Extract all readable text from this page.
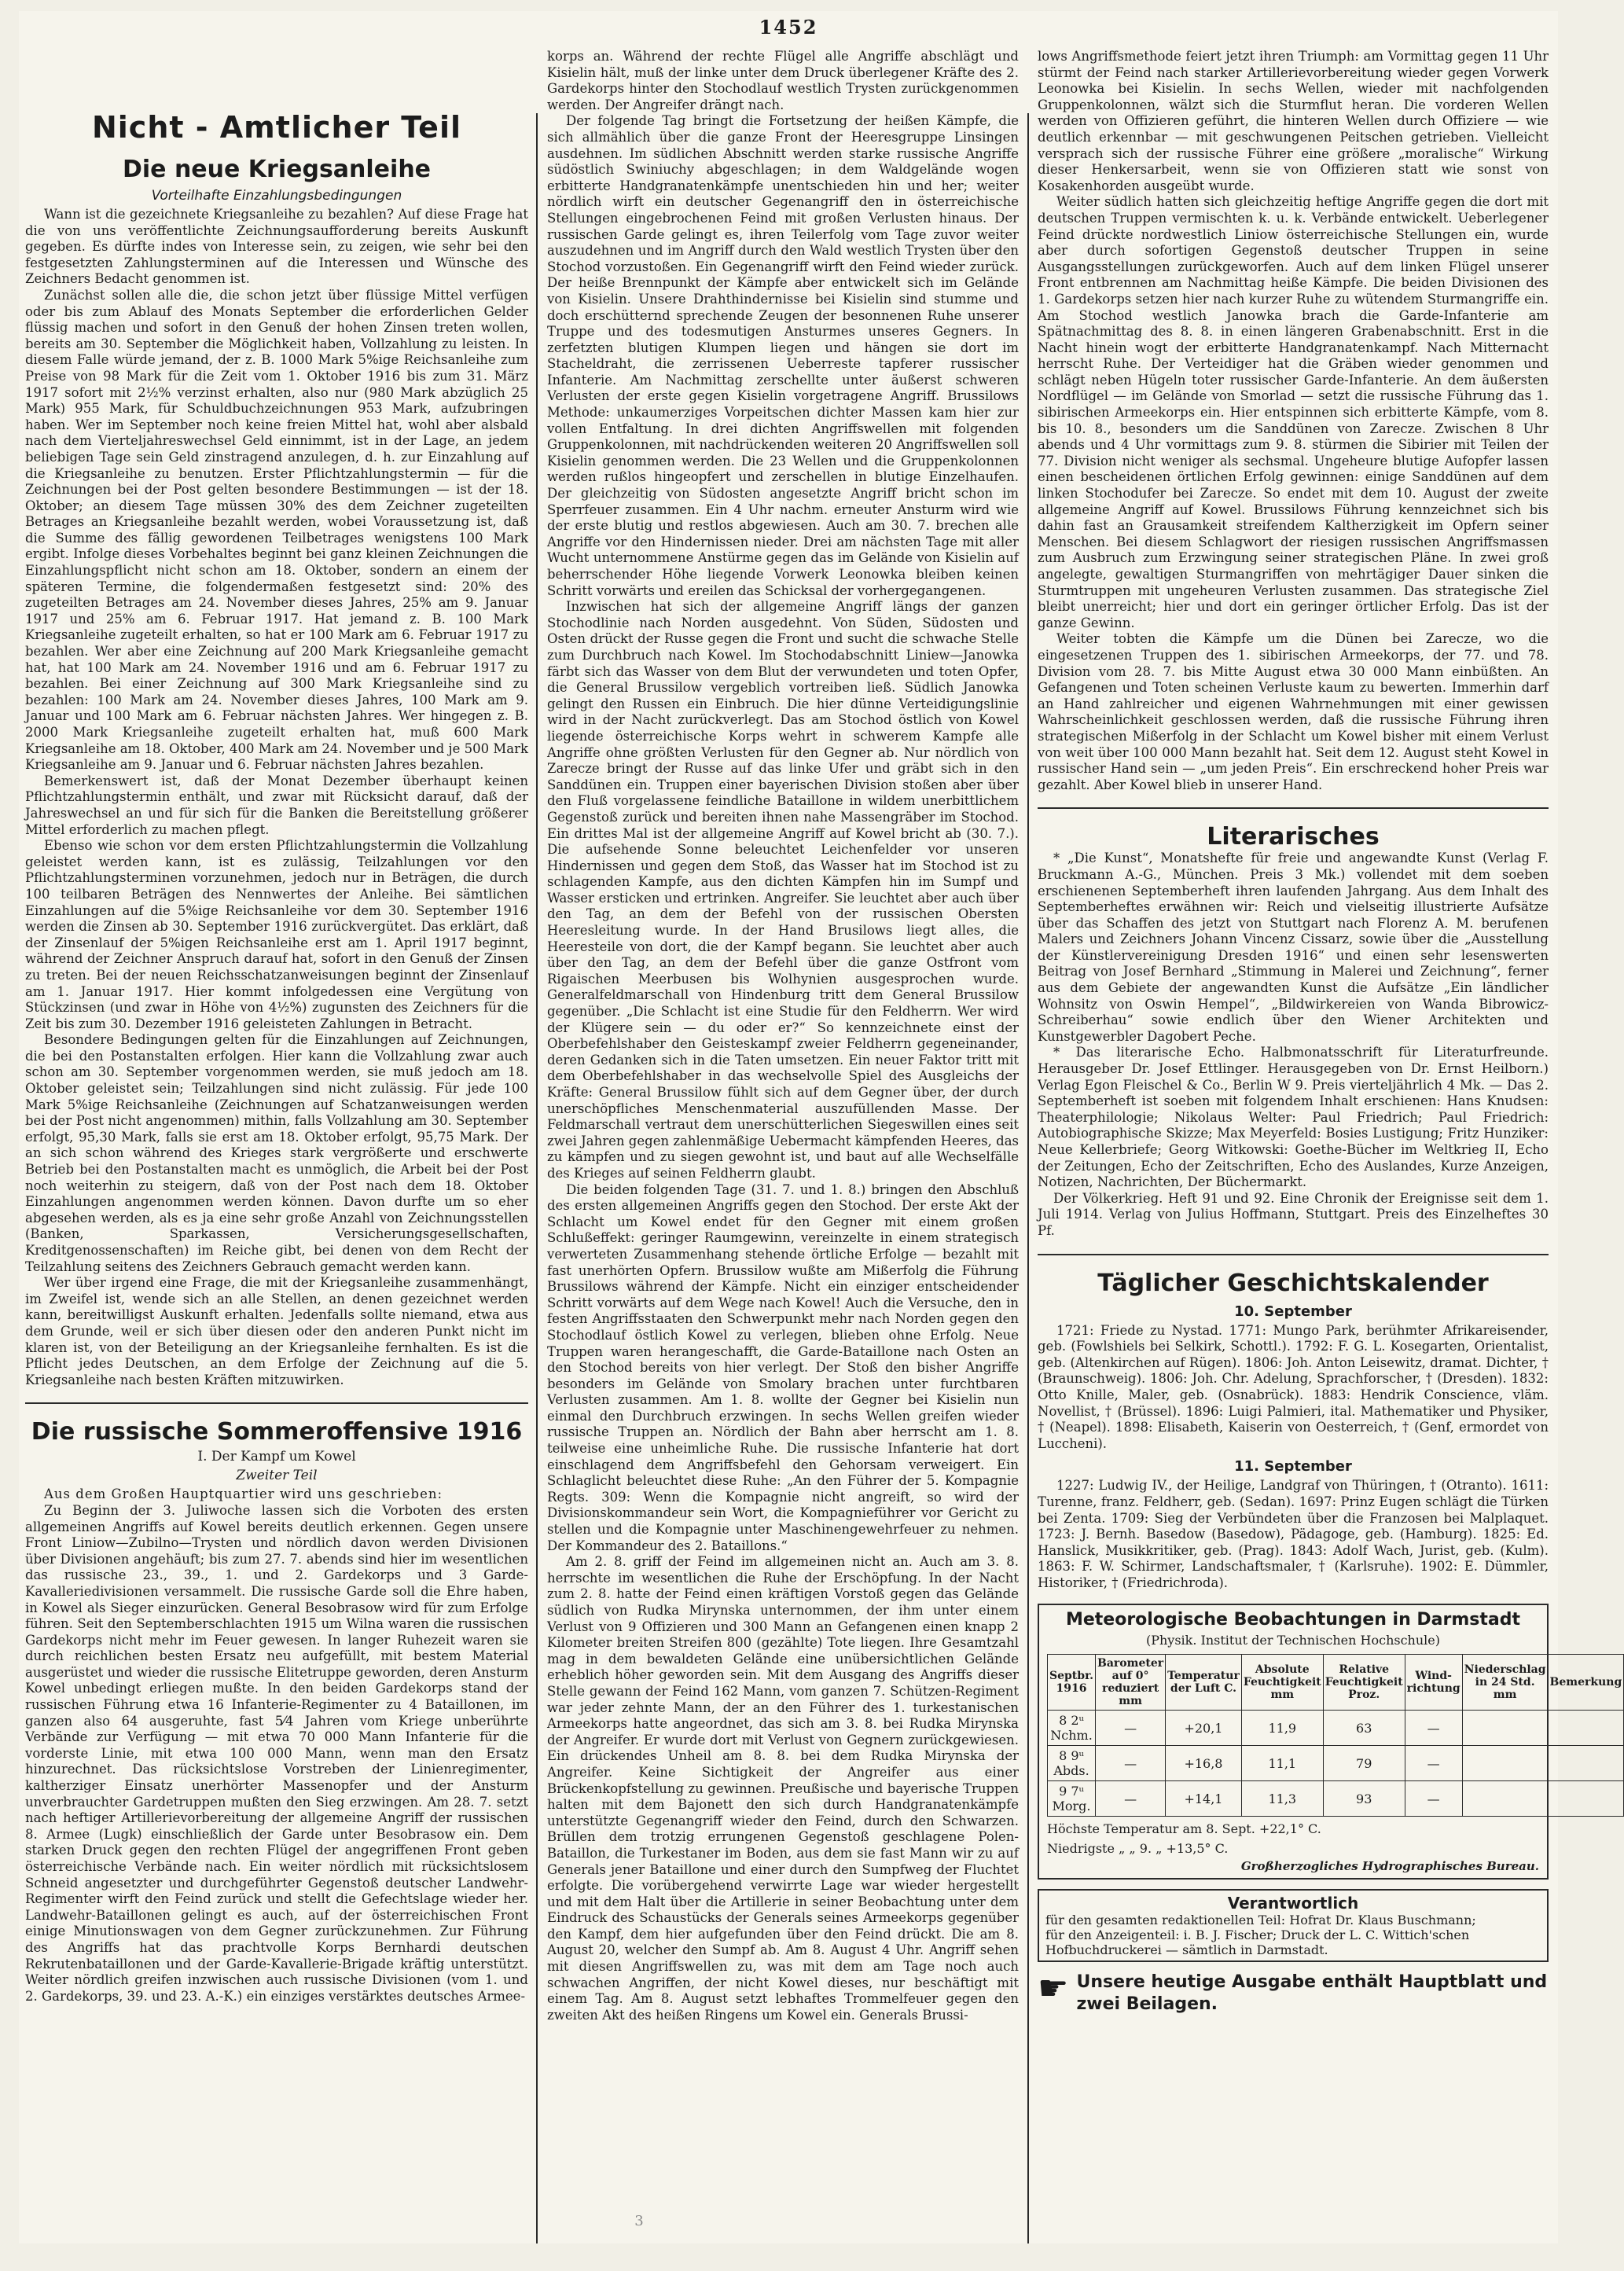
1452
Nicht - Amtlicher Teil
Die neue Kriegsanleihe
Vorteilhafte Einzahlungsbedingungen

Wann ist die gezeichnete Kriegsanleihe zu bezahlen? Auf diese Frage hat die von uns veröffentlichte Zeichnungsaufforderung bereits Auskunft gegeben. Es dürfte indes von Interesse sein, zu zeigen, wie sehr bei den festgesetzten Zahlungsterminen auf die Interessen und Wünsche des Zeichners Bedacht genommen ist.

Zunächst sollen alle die, die schon jetzt über flüssige Mittel verfügen oder bis zum Ablauf des Monats September die erforderlichen Gelder flüssig machen und sofort in den Genuß der hohen Zinsen treten wollen, bereits am 30. September die Möglichkeit haben, Vollzahlung zu leisten. In diesem Falle würde jemand, der z. B. 1000 Mark 5%ige Reichsanleihe zum Preise von 98 Mark für die Zeit vom 1. Oktober 1916 bis zum 31. März 1917 sofort mit 2½% verzinst erhalten, also nur (980 Mark abzüglich 25 Mark) 955 Mark, für Schuldbuchzeichnungen 953 Mark, aufzubringen haben. Wer im September noch keine freien Mittel hat, wohl aber alsbald nach dem Vierteljahreswechsel Geld einnimmt, ist in der Lage, an jedem beliebigen Tage sein Geld zinstragend anzulegen, d. h. zur Einzahlung auf die Kriegsanleihe zu benutzen. Erster Pflichtzahlungstermin — für die Zeichnungen bei der Post gelten besondere Bestimmungen — ist der 18. Oktober; an diesem Tage müssen 30% des dem Zeichner zugeteilten Betrages an Kriegsanleihe bezahlt werden, wobei Voraussetzung ist, daß die Summe des fällig gewordenen Teilbetrages wenigstens 100 Mark ergibt. Infolge dieses Vorbehaltes beginnt bei ganz kleinen Zeichnungen die Einzahlungspflicht nicht schon am 18. Oktober, sondern an einem der späteren Termine, die folgendermaßen festgesetzt sind: 20% des zugeteilten Betrages am 24. November dieses Jahres, 25% am 9. Januar 1917 und 25% am 6. Februar 1917. Hat jemand z. B. 100 Mark Kriegsanleihe zugeteilt erhalten, so hat er 100 Mark am 6. Februar 1917 zu bezahlen. Wer aber eine Zeichnung auf 200 Mark Kriegsanleihe gemacht hat, hat 100 Mark am 24. November 1916 und am 6. Februar 1917 zu bezahlen. Bei einer Zeichnung auf 300 Mark Kriegsanleihe sind zu bezahlen: 100 Mark am 24. November dieses Jahres, 100 Mark am 9. Januar und 100 Mark am 6. Februar nächsten Jahres. Wer hingegen z. B. 2000 Mark Kriegsanleihe zugeteilt erhalten hat, muß 600 Mark Kriegsanleihe am 18. Oktober, 400 Mark am 24. November und je 500 Mark Kriegsanleihe am 9. Januar und 6. Februar nächsten Jahres bezahlen.

Bemerkenswert ist, daß der Monat Dezember überhaupt keinen Pflichtzahlungstermin enthält, und zwar mit Rücksicht darauf, daß der Jahreswechsel an und für sich für die Banken die Bereitstellung größerer Mittel erforderlich zu machen pflegt.

Ebenso wie schon vor dem ersten Pflichtzahlungstermin die Vollzahlung geleistet werden kann, ist es zulässig, Teilzahlungen vor den Pflichtzahlungsterminen vorzunehmen, jedoch nur in Beträgen, die durch 100 teilbaren Beträgen des Nennwertes der Anleihe. Bei sämtlichen Einzahlungen auf die 5%ige Reichsanleihe vor dem 30. September 1916 werden die Zinsen ab 30. September 1916 zurückvergütet. Das erklärt, daß der Zinsenlauf der 5%igen Reichsanleihe erst am 1. April 1917 beginnt, während der Zeichner Anspruch darauf hat, sofort in den Genuß der Zinsen zu treten. Bei der neuen Reichsschatzanweisungen beginnt der Zinsenlauf am 1. Januar 1917. Hier kommt infolgedessen eine Vergütung von Stückzinsen (und zwar in Höhe von 4½%) zugunsten des Zeichners für die Zeit bis zum 30. Dezember 1916 geleisteten Zahlungen in Betracht.

Besondere Bedingungen gelten für die Einzahlungen auf Zeichnungen, die bei den Postanstalten erfolgen. Hier kann die Vollzahlung zwar auch schon am 30. September vorgenommen werden, sie muß jedoch am 18. Oktober geleistet sein; Teilzahlungen sind nicht zulässig. Für jede 100 Mark 5%ige Reichsanleihe (Zeichnungen auf Schatzanweisungen werden bei der Post nicht angenommen) mithin, falls Vollzahlung am 30. September erfolgt, 95,30 Mark, falls sie erst am 18. Oktober erfolgt, 95,75 Mark. Der an sich schon während des Krieges stark vergrößerte und erschwerte Betrieb bei den Postanstalten macht es unmöglich, die Arbeit bei der Post noch weiterhin zu steigern, daß von der Post nach dem 18. Oktober Einzahlungen angenommen werden können. Davon durfte um so eher abgesehen werden, als es ja eine sehr große Anzahl von Zeichnungsstellen (Banken, Sparkassen, Versicherungsgesellschaften, Kreditgenossenschaften) im Reiche gibt, bei denen von dem Recht der Teilzahlung seitens des Zeichners Gebrauch gemacht werden kann.

Wer über irgend eine Frage, die mit der Kriegsanleihe zusammenhängt, im Zweifel ist, wende sich an alle Stellen, an denen gezeichnet werden kann, bereitwilligst Auskunft erhalten. Jedenfalls sollte niemand, etwa aus dem Grunde, weil er sich über diesen oder den anderen Punkt nicht im klaren ist, von der Beteiligung an der Kriegsanleihe fernhalten. Es ist die Pflicht jedes Deutschen, an dem Erfolge der Zeichnung auf die 5. Kriegsanleihe nach besten Kräften mitzuwirken.

Die russische Sommeroffensive 1916
I. Der Kampf um Kowel
Zweiter Teil

Aus dem Großen Hauptquartier wird uns geschrieben:

Zu Beginn der 3. Juliwoche lassen sich die Vorboten des ersten allgemeinen Angriffs auf Kowel bereits deutlich erkennen. Gegen unsere Front Liniow—Zubilno—Trysten und nördlich davon werden Divisionen über Divisionen angehäuft; bis zum 27. 7. abends sind hier im wesentlichen das russische 23., 39., 1. und 2. Gardekorps und 3 Garde-Kavalleriedivisionen versammelt. Die russische Garde soll die Ehre haben, in Kowel als Sieger einzurücken. General Besobrasow wird für zum Erfolge führen. Seit den Septemberschlachten 1915 um Wilna waren die russischen Gardekorps nicht mehr im Feuer gewesen. In langer Ruhezeit waren sie durch reichlichen besten Ersatz neu aufgefüllt, mit bestem Material ausgerüstet und wieder die russische Elitetruppe geworden, deren Ansturm Kowel unbedingt erliegen mußte. In den beiden Gardekorps stand der russischen Führung etwa 16 Infanterie-Regimenter zu 4 Bataillonen, im ganzen also 64 ausgeruhte, fast 5⁄4 Jahren vom Kriege unberührte Verbände zur Verfügung — mit etwa 70 000 Mann Infanterie für die vorderste Linie, mit etwa 100 000 Mann, wenn man den Ersatz hinzurechnet. Das rücksichtslose Vorstreben der Linienregimenter, kaltherziger Einsatz unerhörter Massenopfer und der Ansturm unverbrauchter Gardetruppen mußten den Sieg erzwingen. Am 28. 7. setzt nach heftiger Artillerievorbereitung der allgemeine Angriff der russischen 8. Armee (Lugk) einschließlich der Garde unter Besobrasow ein. Dem starken Druck gegen den rechten Flügel der angegriffenen Front geben österreichische Verbände nach. Ein weiter nördlich mit rücksichtslosem Schneid angesetzter und durchgeführter Gegenstoß deutscher Landwehr-Regimenter wirft den Feind zurück und stellt die Gefechtslage wieder her. Landwehr-Bataillonen gelingt es auch, auf der österreichischen Front einige Minutionswagen von dem Gegner zurückzunehmen. Zur Führung des Angriffs hat das prachtvolle Korps Bernhardi deutschen Rekrutenbataillonen und der Garde-Kavallerie-Brigade kräftig unterstützt. Weiter nördlich greifen inzwischen auch russische Divisionen (vom 1. und 2. Gardekorps, 39. und 23. A.-K.) ein einziges verstärktes deutsches Armee-

korps an. Während der rechte Flügel alle Angriffe abschlägt und Kisielin hält, muß der linke unter dem Druck überlegener Kräfte des 2. Gardekorps hinter den Stochodlauf westlich Trysten zurückgenommen werden. Der Angreifer drängt nach.

Der folgende Tag bringt die Fortsetzung der heißen Kämpfe, die sich allmählich über die ganze Front der Heeresgruppe Linsingen ausdehnen. Im südlichen Abschnitt werden starke russische Angriffe südöstlich Swiniuchy abgeschlagen; in dem Waldgelände wogen erbitterte Handgranatenkämpfe unentschieden hin und her; weiter nördlich wirft ein deutscher Gegenangriff den in österreichische Stellungen eingebrochenen Feind mit großen Verlusten hinaus. Der russischen Garde gelingt es, ihren Teilerfolg vom Tage zuvor weiter auszudehnen und im Angriff durch den Wald westlich Trysten über den Stochod vorzustoßen. Ein Gegenangriff wirft den Feind wieder zurück. Der heiße Brennpunkt der Kämpfe aber entwickelt sich im Gelände von Kisielin. Unsere Drahthindernisse bei Kisielin sind stumme und doch erschütternd sprechende Zeugen der besonnenen Ruhe unserer Truppe und des todesmutigen Ansturmes unseres Gegners. In zerfetzten blutigen Klumpen liegen und hängen sie dort im Stacheldraht, die zerrissenen Ueberreste tapferer russischer Infanterie. Am Nachmittag zerschellte unter äußerst schweren Verlusten der erste gegen Kisielin vorgetragene Angriff. Brussilows Methode: unkaumerziges Vorpeitschen dichter Massen kam hier zur vollen Entfaltung. In drei dichten Angriffswellen mit folgenden Gruppenkolonnen, mit nachdrückenden weiteren 20 Angriffswellen soll Kisielin genommen werden. Die 23 Wellen und die Gruppenkolonnen werden rußlos hingeopfert und zerschellen in blutige Einzelhaufen. Der gleichzeitig von Südosten angesetzte Angriff bricht schon im Sperrfeuer zusammen. Ein 4 Uhr nachm. erneuter Ansturm wird wie der erste blutig und restlos abgewiesen. Auch am 30. 7. brechen alle Angriffe vor den Hindernissen nieder. Drei am nächsten Tage mit aller Wucht unternommene Anstürme gegen das im Gelände von Kisielin auf beherrschender Höhe liegende Vorwerk Leonowka bleiben keinen Schritt vorwärts und ereilen das Schicksal der vorhergegangenen.

Inzwischen hat sich der allgemeine Angriff längs der ganzen Stochodlinie nach Norden ausgedehnt. Von Süden, Südosten und Osten drückt der Russe gegen die Front und sucht die schwache Stelle zum Durchbruch nach Kowel. Im Stochodabschnitt Liniew—Janowka färbt sich das Wasser von dem Blut der verwundeten und toten Opfer, die General Brussilow vergeblich vortreiben ließ. Südlich Janowka gelingt den Russen ein Einbruch. Die hier dünne Verteidigungslinie wird in der Nacht zurückverlegt. Das am Stochod östlich von Kowel liegende österreichische Korps wehrt in schwerem Kampfe alle Angriffe ohne größten Verlusten für den Gegner ab. Nur nördlich von Zarecze bringt der Russe auf das linke Ufer und gräbt sich in den Sanddünen ein. Truppen einer bayerischen Division stoßen aber über den Fluß vorgelassene feindliche Bataillone in wildem unerbittlichem Gegenstoß zurück und bereiten ihnen nahe Massengräber im Stochod. Ein drittes Mal ist der allgemeine Angriff auf Kowel bricht ab (30. 7.). Die aufsehende Sonne beleuchtet Leichenfelder vor unseren Hindernissen und gegen dem Stoß, das Wasser hat im Stochod ist zu schlagenden Kampfe, aus den dichten Kämpfen hin im Sumpf und Wasser ersticken und ertrinken. Angreifer. Sie leuchtet aber auch über den Tag, an dem der Befehl von der russischen Obersten Heeresleitung wurde. In der Hand Brusilows liegt alles, die Heeresteile von dort, die der Kampf begann. Sie leuchtet aber auch über den Tag, an dem der Befehl über die ganze Ostfront vom Rigaischen Meerbusen bis Wolhynien ausgesprochen wurde. Generalfeldmarschall von Hindenburg tritt dem General Brussilow gegenüber. „Die Schlacht ist eine Studie für den Feldherrn. Wer wird der Klügere sein — du oder er?“ So kennzeichnete einst der Oberbefehlshaber den Geisteskampf zweier Feldherrn gegeneinander, deren Gedanken sich in die Taten umsetzen. Ein neuer Faktor tritt mit dem Oberbefehlshaber in das wechselvolle Spiel des Ausgleichs der Kräfte: General Brussilow fühlt sich auf dem Gegner über, der durch unerschöpfliches Menschenmaterial auszufüllenden Masse. Der Feldmarschall vertraut dem unerschütterlichen Siegeswillen eines seit zwei Jahren gegen zahlenmäßige Uebermacht kämpfenden Heeres, das zu kämpfen und zu siegen gewohnt ist, und baut auf alle Wechselfälle des Krieges auf seinen Feldherrn glaubt.

Die beiden folgenden Tage (31. 7. und 1. 8.) bringen den Abschluß des ersten allgemeinen Angriffs gegen den Stochod. Der erste Akt der Schlacht um Kowel endet für den Gegner mit einem großen Schlußeffekt: geringer Raumgewinn, vereinzelte in einem strategisch verwerteten Zusammenhang stehende örtliche Erfolge — bezahlt mit fast unerhörten Opfern. Brussilow wußte am Mißerfolg die Führung Brussilows während der Kämpfe. Nicht ein einziger entscheidender Schritt vorwärts auf dem Wege nach Kowel! Auch die Versuche, den in festen Angriffsstaaten den Schwerpunkt mehr nach Norden gegen den Stochodlauf östlich Kowel zu verlegen, blieben ohne Erfolg. Neue Truppen waren herangeschafft, die Garde-Bataillone nach Osten an den Stochod bereits von hier verlegt. Der Stoß den bisher Angriffe besonders im Gelände von Smolary brachen unter furchtbaren Verlusten zusammen. Am 1. 8. wollte der Gegner bei Kisielin nun einmal den Durchbruch erzwingen. In sechs Wellen greifen wieder russische Truppen an. Nördlich der Bahn aber herrscht am 1. 8. teilweise eine unheimliche Ruhe. Die russische Infanterie hat dort einschlagend dem Angriffsbefehl den Gehorsam verweigert. Ein Schlaglicht beleuchtet diese Ruhe: „An den Führer der 5. Kompagnie Regts. 309: Wenn die Kompagnie nicht angreift, so wird der Divisionskommandeur sein Wort, die Kompagnieführer vor Gericht zu stellen und die Kompagnie unter Maschinengewehrfeuer zu nehmen. Der Kommandeur des 2. Bataillons.“

Am 2. 8. griff der Feind im allgemeinen nicht an. Auch am 3. 8. herrschte im wesentlichen die Ruhe der Erschöpfung. In der Nacht zum 2. 8. hatte der Feind einen kräftigen Vorstoß gegen das Gelände südlich von Rudka Mirynska unternommen, der ihm unter einem Verlust von 9 Offizieren und 300 Mann an Gefangenen einen knapp 2 Kilometer breiten Streifen 800 (gezählte) Tote liegen. Ihre Gesamtzahl mag in dem bewaldeten Gelände eine unübersichtlichen Gelände erheblich höher geworden sein. Mit dem Ausgang des Angriffs dieser Stelle gewann der Feind 162 Mann, vom ganzen 7. Schützen-Regiment war jeder zehnte Mann, der an den Führer des 1. turkestanischen Armeekorps hatte angeordnet, das sich am 3. 8. bei Rudka Mirynska der Angreifer. Er wurde dort mit Verlust von Gegnern zurückgewiesen. Ein drückendes Unheil am 8. 8. bei dem Rudka Mirynska der Angreifer. Keine Sichtigkeit der Angreifer aus einer Brückenkopfstellung zu gewinnen. Preußische und bayerische Truppen halten mit dem Bajonett den sich durch Handgranatenkämpfe unterstützte Gegenangriff wieder den Feind, durch den Schwarzen. Brüllen dem trotzig errungenen Gegenstoß geschlagene Polen-Bataillon, die Turkestaner im Boden, aus dem sie fast Mann wir zu auf Generals jener Bataillone und einer durch den Sumpfweg der Fluchtet erfolgte. Die vorübergehend verwirrte Lage war wieder hergestellt und mit dem Halt über die Artillerie in seiner Beobachtung unter dem Eindruck des Schaustücks der Generals seines Armeekorps gegenüber den Kampf, dem hier aufgefunden über den Feind drückt. Die am 8. August 20, welcher den Sumpf ab. Am 8. August 4 Uhr. Angriff sehen mit diesen Angriffswellen zu, was mit dem am Tage noch auch schwachen Angriffen, der nicht Kowel dieses, nur beschäftigt mit einem Tag. Am 8. August setzt lebhaftes Trommelfeuer gegen den zweiten Akt des heißen Ringens um Kowel ein. Generals Brussi-

lows Angriffsmethode feiert jetzt ihren Triumph: am Vormittag gegen 11 Uhr stürmt der Feind nach starker Artillerievorbereitung wieder gegen Vorwerk Leonowka bei Kisielin. In sechs Wellen, wieder mit nachfolgenden Gruppenkolonnen, wälzt sich die Sturmflut heran. Die vorderen Wellen werden von Offizieren geführt, die hinteren Wellen durch Offiziere — wie deutlich erkennbar — mit geschwungenen Peitschen getrieben. Vielleicht versprach sich der russische Führer eine größere „moralische“ Wirkung dieser Henkersarbeit, wenn sie von Offizieren statt wie sonst von Kosakenhorden ausgeübt wurde.

Weiter südlich hatten sich gleichzeitig heftige Angriffe gegen die dort mit deutschen Truppen vermischten k. u. k. Verbände entwickelt. Ueberlegener Feind drückte nordwestlich Liniow österreichische Stellungen ein, wurde aber durch sofortigen Gegenstoß deutscher Truppen in seine Ausgangsstellungen zurückgeworfen. Auch auf dem linken Flügel unserer Front entbrennen am Nachmittag heiße Kämpfe. Die beiden Divisionen des 1. Gardekorps setzen hier nach kurzer Ruhe zu wütendem Sturmangriffe ein. Am Stochod westlich Janowka brach die Garde-Infanterie am Spätnachmittag des 8. 8. in einen längeren Grabenabschnitt. Erst in die Nacht hinein wogt der erbitterte Handgranatenkampf. Nach Mitternacht herrscht Ruhe. Der Verteidiger hat die Gräben wieder genommen und schlägt neben Hügeln toter russischer Garde-Infanterie. An dem äußersten Nordflügel — im Gelände von Smorlad — setzt die russische Führung das 1. sibirischen Armeekorps ein. Hier entspinnen sich erbitterte Kämpfe, vom 8. bis 10. 8., besonders um die Sanddünen von Zarecze. Zwischen 8 Uhr abends und 4 Uhr vormittags zum 9. 8. stürmen die Sibirier mit Teilen der 77. Division nicht weniger als sechsmal. Ungeheure blutige Aufopfer lassen einen bescheidenen örtlichen Erfolg gewinnen: einige Sanddünen auf dem linken Stochodufer bei Zarecze. So endet mit dem 10. August der zweite allgemeine Angriff auf Kowel. Brussilows Führung kennzeichnet sich bis dahin fast an Grausamkeit streifendem Kaltherzigkeit im Opfern seiner Menschen. Bei diesem Schlagwort der riesigen russischen Angriffsmassen zum Ausbruch zum Erzwingung seiner strategischen Pläne. In zwei groß angelegte, gewaltigen Sturmangriffen von mehrtägiger Dauer sinken die Sturmtruppen mit ungeheuren Verlusten zusammen. Das strategische Ziel bleibt unerreicht; hier und dort ein geringer örtlicher Erfolg. Das ist der ganze Gewinn.

Weiter tobten die Kämpfe um die Dünen bei Zarecze, wo die eingesetzenen Truppen des 1. sibirischen Armeekorps, der 77. und 78. Division vom 28. 7. bis Mitte August etwa 30 000 Mann einbüßten. An Gefangenen und Toten scheinen Verluste kaum zu bewerten. Immerhin darf an Hand zahlreicher und eigenen Wahrnehmungen mit einer gewissen Wahrscheinlichkeit geschlossen werden, daß die russische Führung ihren strategischen Mißerfolg in der Schlacht um Kowel bisher mit einem Verlust von weit über 100 000 Mann bezahlt hat. Seit dem 12. August steht Kowel in russischer Hand sein — „um jeden Preis“. Ein erschreckend hoher Preis war gezahlt. Aber Kowel blieb in unserer Hand.

Literarisches

* „Die Kunst“, Monatshefte für freie und angewandte Kunst (Verlag F. Bruckmann A.-G., München. Preis 3 Mk.) vollendet mit dem soeben erschienenen Septemberheft ihren laufenden Jahrgang. Aus dem Inhalt des Septemberheftes erwähnen wir: Reich und vielseitig illustrierte Aufsätze über das Schaffen des jetzt von Stuttgart nach Florenz A. M. berufenen Malers und Zeichners Johann Vincenz Cissarz, sowie über die „Ausstellung der Künstlervereinigung Dresden 1916“ und einen sehr lesenswerten Beitrag von Josef Bernhard „Stimmung in Malerei und Zeichnung“, ferner aus dem Gebiete der angewandten Kunst die Aufsätze „Ein ländlicher Wohnsitz von Oswin Hempel“, „Bildwirkereien von Wanda Bibrowicz-Schreiberhau“ sowie endlich über den Wiener Architekten und Kunstgewerbler Dagobert Peche.

* Das literarische Echo. Halbmonatsschrift für Literaturfreunde. Herausgeber Dr. Josef Ettlinger. Herausgegeben von Dr. Ernst Heilborn.) Verlag Egon Fleischel & Co., Berlin W 9. Preis vierteljährlich 4 Mk. — Das 2. Septemberheft ist soeben mit folgendem Inhalt erschienen: Hans Knudsen: Theaterphilologie; Nikolaus Welter: Paul Friedrich; Paul Friedrich: Autobiographische Skizze; Max Meyerfeld: Bosies Lustigung; Fritz Hunziker: Neue Kellerbriefe; Georg Witkowski: Goethe-Bücher im Weltkrieg II, Echo der Zeitungen, Echo der Zeitschriften, Echo des Auslandes, Kurze Anzeigen, Notizen, Nachrichten, Der Büchermarkt.

Der Völkerkrieg. Heft 91 und 92. Eine Chronik der Ereignisse seit dem 1. Juli 1914. Verlag von Julius Hoffmann, Stuttgart. Preis des Einzelheftes 30 Pf.

Täglicher Geschichtskalender
10. September

1721: Friede zu Nystad. 1771: Mungo Park, berühmter Afrikareisender, geb. (Fowlshiels bei Selkirk, Schottl.). 1792: F. G. L. Kosegarten, Orientalist, geb. (Altenkirchen auf Rügen). 1806: Joh. Anton Leisewitz, dramat. Dichter, † (Braunschweig). 1806: Joh. Chr. Adelung, Sprachforscher, † (Dresden). 1832: Otto Knille, Maler, geb. (Osnabrück). 1883: Hendrik Conscience, vläm. Novellist, † (Brüssel). 1896: Luigi Palmieri, ital. Mathematiker und Physiker, † (Neapel). 1898: Elisabeth, Kaiserin von Oesterreich, † (Genf, ermordet von Luccheni).

11. September

1227: Ludwig IV., der Heilige, Landgraf von Thüringen, † (Otranto). 1611: Turenne, franz. Feldherr, geb. (Sedan). 1697: Prinz Eugen schlägt die Türken bei Zenta. 1709: Sieg der Verbündeten über die Franzosen bei Malplaquet. 1723: J. Bernh. Basedow (Basedow), Pädagoge, geb. (Hamburg). 1825: Ed. Hanslick, Musikkritiker, geb. (Prag). 1843: Adolf Wach, Jurist, geb. (Kulm). 1863: F. W. Schirmer, Landschaftsmaler, † (Karlsruhe). 1902: E. Dümmler, Historiker, † (Friedrichroda).

Meteorologische Beobachtungen in Darmstadt
(Physik. Institut der Technischen Hochschule)
Septbr. 1916	Barometer auf 0° reduziert mm	Temperatur der Luft C.	Absolute Feuchtigkeit mm	Relative Feuchtigkeit Proz.	Wind-richtung	Niederschlag in 24 Std. mm	Bemerkung
8 2ᵘ Nchm.	—	+20,1	11,9	63	—		
8 9ᵘ Abds.	—	+16,8	11,1	79	—		
9 7ᵘ Morg.	—	+14,1	11,3	93	—		
Höchste Temperatur am 8. Sept. +22,1° C.
Niedrigste „ „ 9. „ +13,5° C.
Großherzogliches Hydrographisches Bureau.
Verantwortlich
für den gesamten redaktionellen Teil: Hofrat Dr. Klaus Buschmann;
für den Anzeigenteil: i. B. J. Fischer; Druck der L. C. Wittich'schen Hofbuchdruckerei — sämtlich in Darmstadt.
☛ Unsere heutige Ausgabe enthält Hauptblatt und zwei Beilagen.
3
